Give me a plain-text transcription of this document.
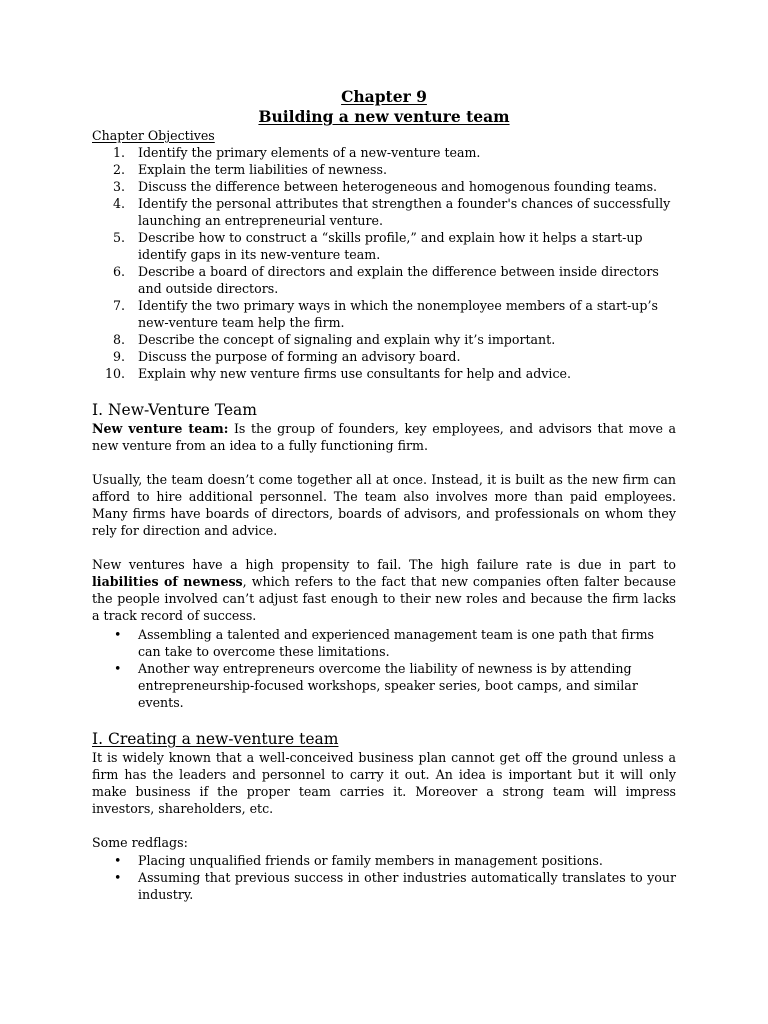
Chapter 9
Building a new venture team
Chapter Objectives
1. Identify the primary elements of a new-venture team.
2. Explain the term liabilities of newness.
3. Discuss the difference between heterogeneous and homogenous founding teams.
4. Identify the personal attributes that strengthen a founder's chances of successfully launching an entrepreneurial venture.
5. Describe how to construct a “skills profile,” and explain how it helps a start-up identify gaps in its new-venture team.
6. Describe a board of directors and explain the difference between inside directors and outside directors.
7. Identify the two primary ways in which the nonemployee members of a start-up’s new-venture team help the firm.
8. Describe the concept of signaling and explain why it’s important.
9. Discuss the purpose of forming an advisory board.
10. Explain why new venture firms use consultants for help and advice.
I. New-Venture Team
New venture team: Is the group of founders, key employees, and advisors that move a new venture from an idea to a fully functioning firm.
Usually, the team doesn’t come together all at once. Instead, it is built as the new firm can afford to hire additional personnel. The team also involves more than paid employees. Many firms have boards of directors, boards of advisors, and professionals on whom they rely for direction and advice.
New ventures have a high propensity to fail. The high failure rate is due in part to liabilities of newness, which refers to the fact that new companies often falter because the people involved can’t adjust fast enough to their new roles and because the firm lacks a track record of success.
• Assembling a talented and experienced management team is one path that firms can take to overcome these limitations.
• Another way entrepreneurs overcome the liability of newness is by attending entrepreneurship-focused workshops, speaker series, boot camps, and similar events.
I. Creating a new-venture team
It is widely known that a well-conceived business plan cannot get off the ground unless a firm has the leaders and personnel to carry it out. An idea is important but it will only make business if the proper team carries it. Moreover a strong team will impress investors, shareholders, etc.
Some redflags:
• Placing unqualified friends or family members in management positions.
• Assuming that previous success in other industries automatically translates to your industry.
